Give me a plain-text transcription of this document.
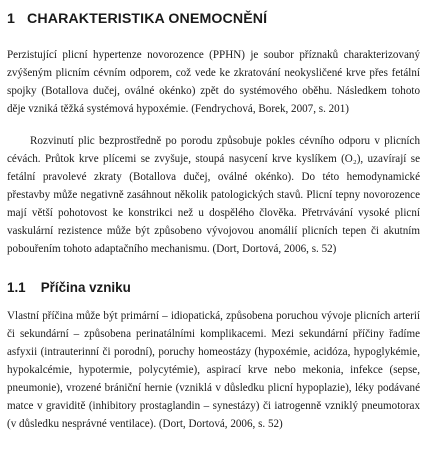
1 CHARAKTERISTIKA ONEMOCNĚNÍ

Perzistující plicní hypertenze novorozence (PPHN) je soubor příznaků charakterizovaný zvýšeným plicním cévním odporem, což vede ke zkratování neokysličené krve přes fetální spojky (Botallova dučej, oválné okénko) zpět do systémového oběhu. Následkem tohoto děje vzniká těžká systémová hypoxémie. (Fendrychová, Borek, 2007, s. 201)

Rozvinutí plic bezprostředně po porodu způsobuje pokles cévního odporu v plicních cévách. Průtok krve plícemi se zvyšuje, stoupá nasycení krve kyslíkem (O₂), uzavírají se fetální pravolevé zkraty (Botallova dučej, oválné okénko). Do této hemodynamické přestavby může negativně zasáhnout několik patologických stavů. Plicní tepny novorozence mají větší pohotovost ke konstrikci než u dospělého člověka. Přetrvávání vysoké plicní vaskulární rezistence může být způsobeno vývojovou anomálií plicních tepen či akutním pobouřením tohoto adaptačního mechanismu. (Dort, Dortová, 2006, s. 52)

1.1 Příčina vzniku

Vlastní příčina může být primární – idiopatická, způsobena poruchou vývoje plicních arterií či sekundární – způsobena perinatálními komplikacemi. Mezi sekundární příčiny řadíme asfyxii (intrauterinní či porodní), poruchy homeostázy (hypoxémie, acidóza, hypoglykémie, hypokalcémie, hypotermie, polycytémie), aspirací krve nebo mekonia, infekce (sepse, pneumonie), vrozené brániční hernie (vzniklá v důsledku plicní hypoplazie), léky podávané matce v graviditě (inhibitory prostaglandin – synestázy) či iatrogenně vzniklý pneumotorax (v důsledku nesprávné ventilace). (Dort, Dortová, 2006, s. 52)
